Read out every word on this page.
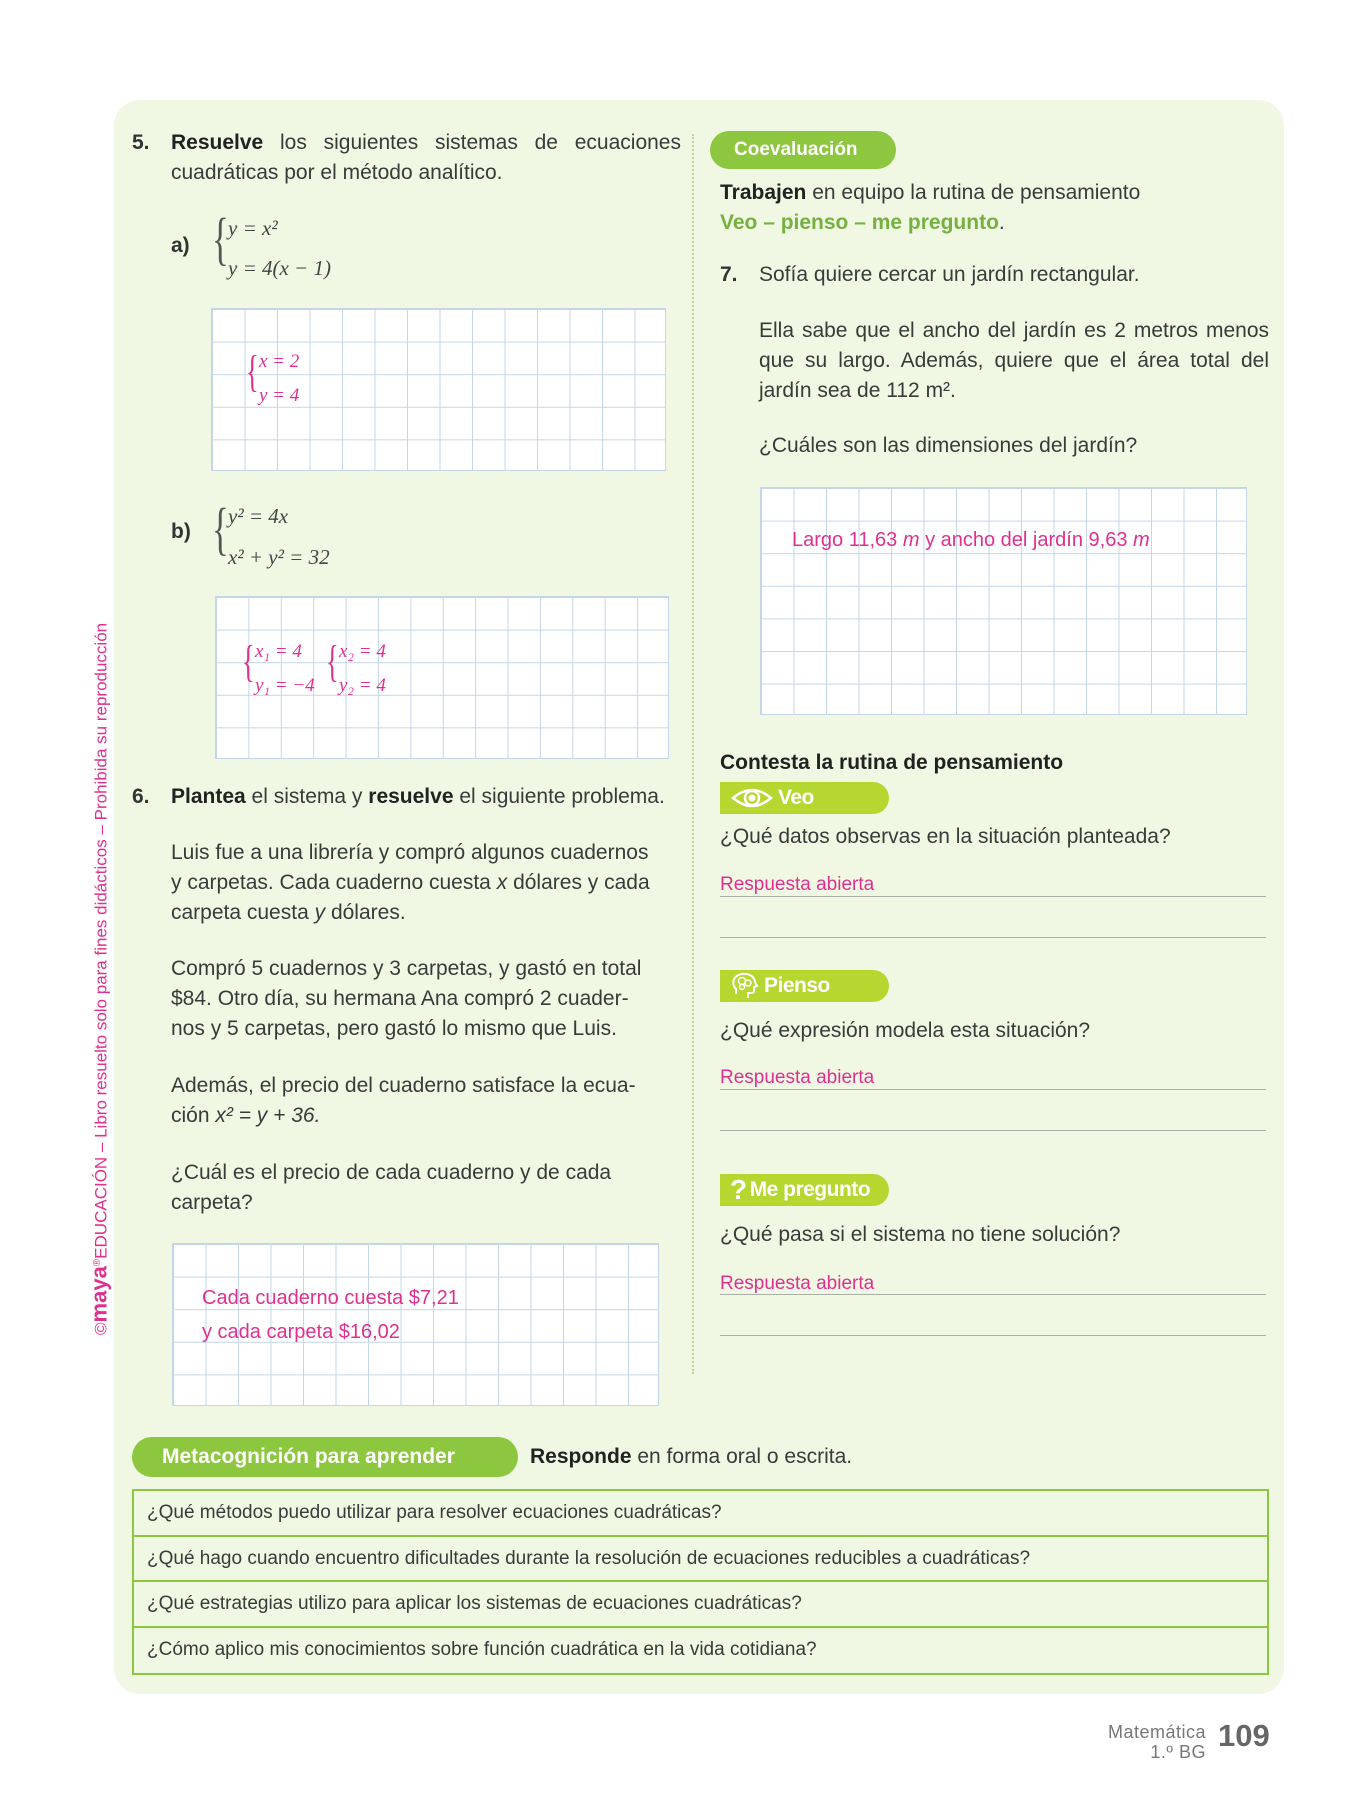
©maya®EDUCACIÓN – Libro resuelto solo para fines didácticos – Prohibida su reproducción
5. Resuelve los siguientes sistemas de ecuaciones
cuadráticas por el método analítico.
a) { y = x²
y = 4(x − 1)
{ x = 2
y = 4
b) { y² = 4x
x² + y² = 32
{ x₁ = 4
y₁ = −4 { x₂ = 4
y₂ = 4
6. Plantea el sistema y resuelve el siguiente problema.
Luis fue a una librería y compró algunos cuadernos
y carpetas. Cada cuaderno cuesta x dólares y cada
carpeta cuesta y dólares.
Compró 5 cuadernos y 3 carpetas, y gastó en total
$84. Otro día, su hermana Ana compró 2 cuader-
nos y 5 carpetas, pero gastó lo mismo que Luis.
Además, el precio del cuaderno satisface la ecua-
ción x² = y + 36.
¿Cuál es el precio de cada cuaderno y de cada
carpeta?
Cada cuaderno cuesta $7,21
y cada carpeta $16,02
Coevaluación
Trabajen en equipo la rutina de pensamiento
Veo – pienso – me pregunto.
7. Sofía quiere cercar un jardín rectangular.
Ella sabe que el ancho del jardín es 2 metros menos
que su largo. Además, quiere que el área total del
jardín sea de 112 m².
¿Cuáles son las dimensiones del jardín?
Largo 11,63 m y ancho del jardín 9,63 m
Contesta la rutina de pensamiento
Veo
¿Qué datos observas en la situación planteada?
Respuesta abierta
Pienso
¿Qué expresión modela esta situación?
Respuesta abierta
? Me pregunto
¿Qué pasa si el sistema no tiene solución?
Respuesta abierta
Metacognición para aprender	Responde en forma oral o escrita.
¿Qué métodos puedo utilizar para resolver ecuaciones cuadráticas?
¿Qué hago cuando encuentro dificultades durante la resolución de ecuaciones reducibles a cuadráticas?
¿Qué estrategias utilizo para aplicar los sistemas de ecuaciones cuadráticas?
¿Cómo aplico mis conocimientos sobre función cuadrática en la vida cotidiana?
Matemática
1.º BG 109
